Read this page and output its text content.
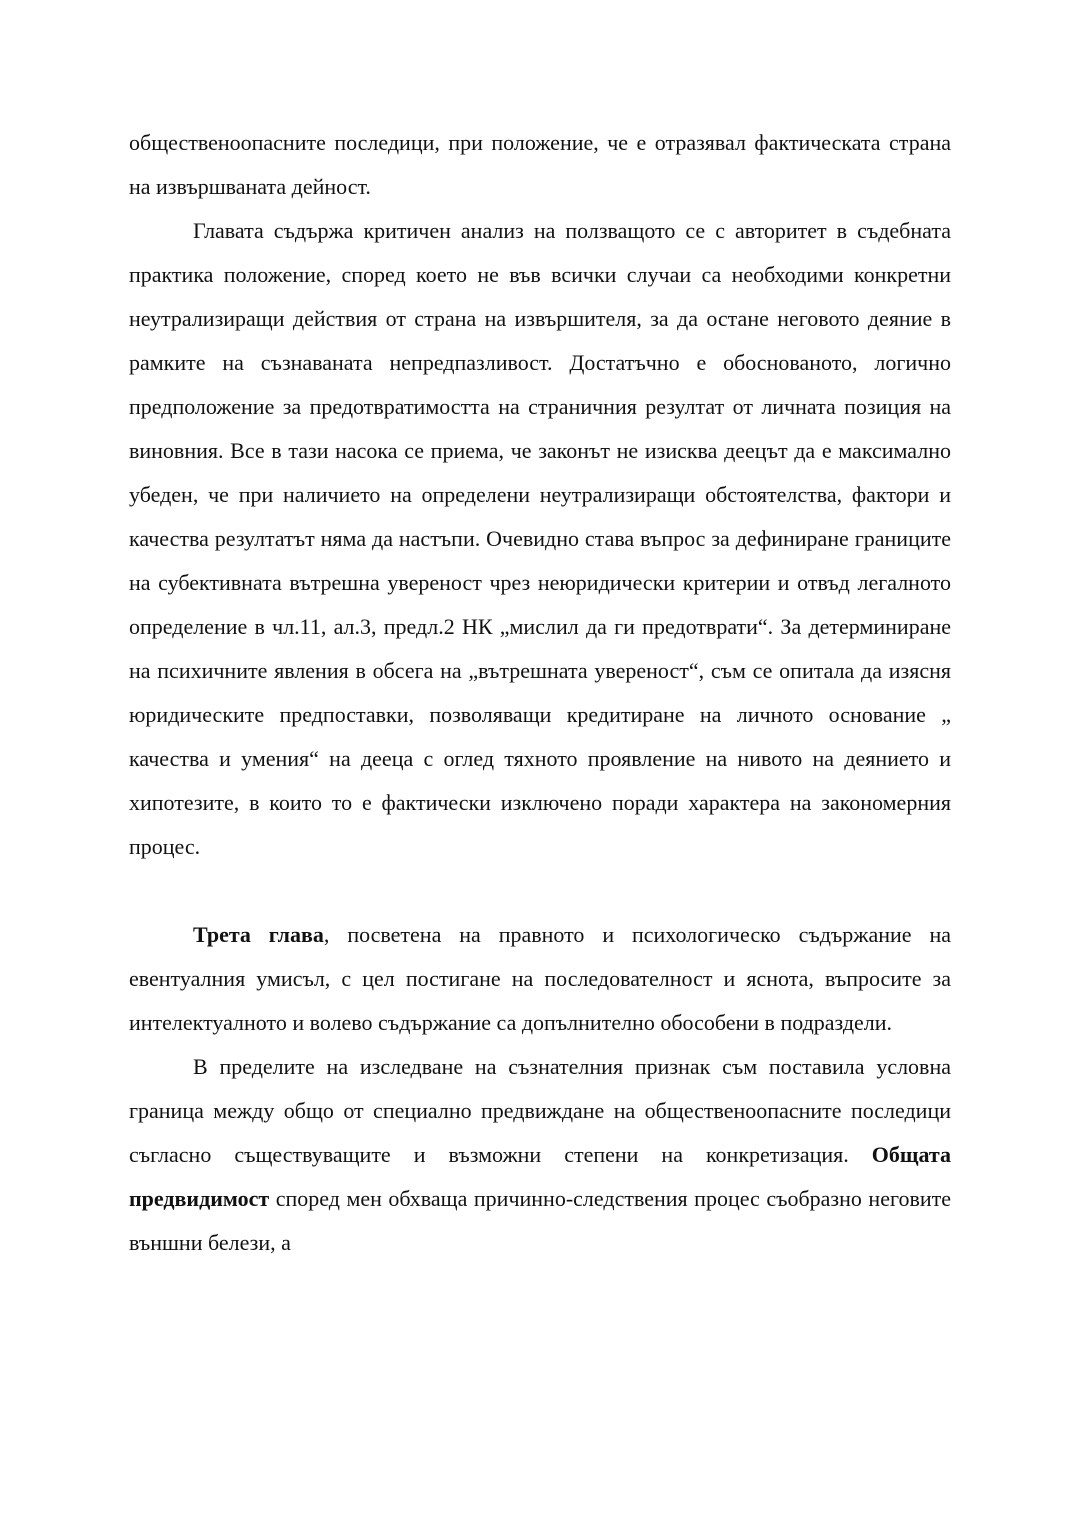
общественоопасните последици, при положение, че е отразявал фактическата страна на извършваната дейност.

Главата съдържа критичен анализ на ползващото се с авторитет в съдебната практика положение, според което не във всички случаи са необходими конкретни неутрализиращи действия от страна на извършителя, за да остане неговото деяние в рамките на съзнаваната непредпазливост. Достатъчно е обоснованото, логично предположение за предотвратимостта на страничния резултат от личната позиция на виновния. Все в тази насока се приема, че законът не изисква деецът да е максимално убеден, че при наличието на определени неутрализиращи обстоятелства, фактори и качества резултатът няма да настъпи. Очевидно става въпрос за дефиниране границите на субективната вътрешна увереност чрез неюридически критерии и отвъд легалното определение в чл.11, ал.3, предл.2 НК „мислил да ги предотврати“. За детерминиране на психичните явления в обсега на „вътрешната увереност“, съм се опитала да изясня юридическите предпоставки, позволяващи кредитиране на личното основание „ качества и умения“ на дееца с оглед тяхното проявление на нивото на деянието и хипотезите, в които то е фактически изключено поради характера на закономерния процес.

Трета глава, посветена на правното и психологическо съдържание на евентуалния умисъл, с цел постигане на последователност и яснота, въпросите за интелектуалното и волево съдържание са допълнително обособени в подраздели.

В пределите на изследване на съзнателния признак съм поставила условна граница между общо от специално предвиждане на общественоопасните последици съгласно съществуващите и възможни степени на конкретизация. Общата предвидимост според мен обхваща причинно-следствения процес съобразно неговите външни белези, а
